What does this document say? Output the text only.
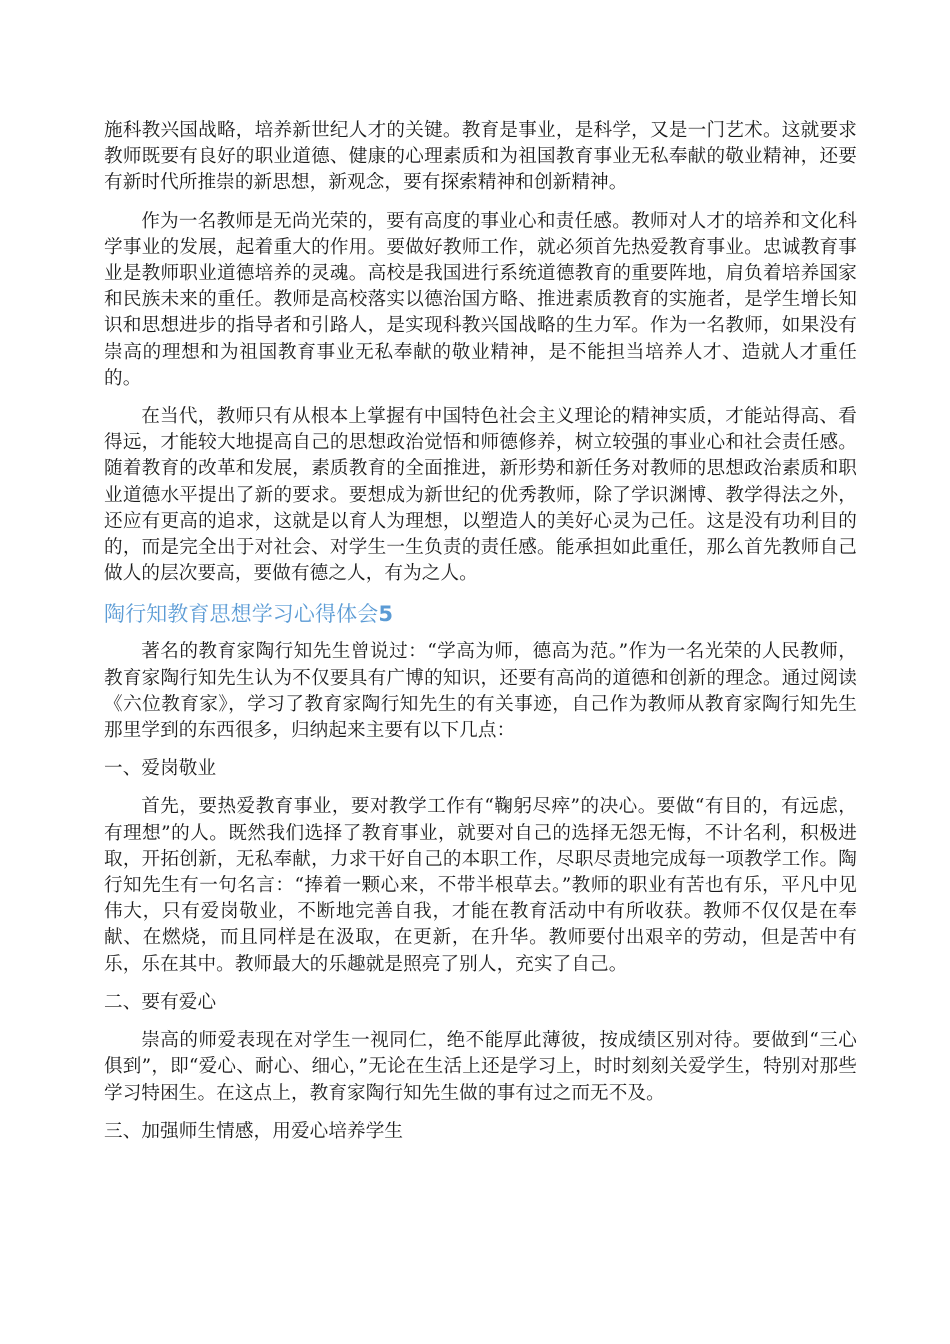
施科教兴国战略，培养新世纪人才的关键。教育是事业，是科学，又是一门艺术。这就要求教师既要有良好的职业道德、健康的心理素质和为祖国教育事业无私奉献的敬业精神，还要有新时代所推崇的新思想，新观念，要有探索精神和创新精神。

作为一名教师是无尚光荣的，要有高度的事业心和责任感。教师对人才的培养和文化科学事业的发展，起着重大的作用。要做好教师工作，就必须首先热爱教育事业。忠诚教育事业是教师职业道德培养的灵魂。高校是我国进行系统道德教育的重要阵地，肩负着培养国家和民族未来的重任。教师是高校落实以德治国方略、推进素质教育的实施者，是学生增长知识和思想进步的指导者和引路人，是实现科教兴国战略的生力军。作为一名教师，如果没有崇高的理想和为祖国教育事业无私奉献的敬业精神，是不能担当培养人才、造就人才重任的。

在当代，教师只有从根本上掌握有中国特色社会主义理论的精神实质，才能站得高、看得远，才能较大地提高自己的思想政治觉悟和师德修养，树立较强的事业心和社会责任感。随着教育的改革和发展，素质教育的全面推进，新形势和新任务对教师的思想政治素质和职业道德水平提出了新的要求。要想成为新世纪的优秀教师，除了学识渊博、教学得法之外，还应有更高的追求，这就是以育人为理想，以塑造人的美好心灵为己任。这是没有功利目的的，而是完全出于对社会、对学生一生负责的责任感。能承担如此重任，那么首先教师自己做人的层次要高，要做有德之人，有为之人。

陶行知教育思想学习心得体会5

著名的教育家陶行知先生曾说过：“学高为师，德高为范。”作为一名光荣的人民教师，教育家陶行知先生认为不仅要具有广博的知识，还要有高尚的道德和创新的理念。通过阅读《六位教育家》，学习了教育家陶行知先生的有关事迹，自己作为教师从教育家陶行知先生那里学到的东西很多，归纳起来主要有以下几点：

一、爱岗敬业

首先，要热爱教育事业，要对教学工作有“鞠躬尽瘁”的决心。要做“有目的，有远虑，有理想”的人。既然我们选择了教育事业，就要对自己的选择无怨无悔，不计名利，积极进取，开拓创新，无私奉献，力求干好自己的本职工作，尽职尽责地完成每一项教学工作。陶行知先生有一句名言：“捧着一颗心来，不带半根草去。”教师的职业有苦也有乐，平凡中见伟大，只有爱岗敬业，不断地完善自我，才能在教育活动中有所收获。教师不仅仅是在奉献、在燃烧，而且同样是在汲取，在更新，在升华。教师要付出艰辛的劳动，但是苦中有乐，乐在其中。教师最大的乐趣就是照亮了别人，充实了自己。

二、要有爱心

崇高的师爱表现在对学生一视同仁，绝不能厚此薄彼，按成绩区别对待。要做到“三心俱到”，即“爱心、耐心、细心，”无论在生活上还是学习上，时时刻刻关爱学生，特别对那些学习特困生。在这点上，教育家陶行知先生做的事有过之而无不及。

三、加强师生情感，用爱心培养学生
